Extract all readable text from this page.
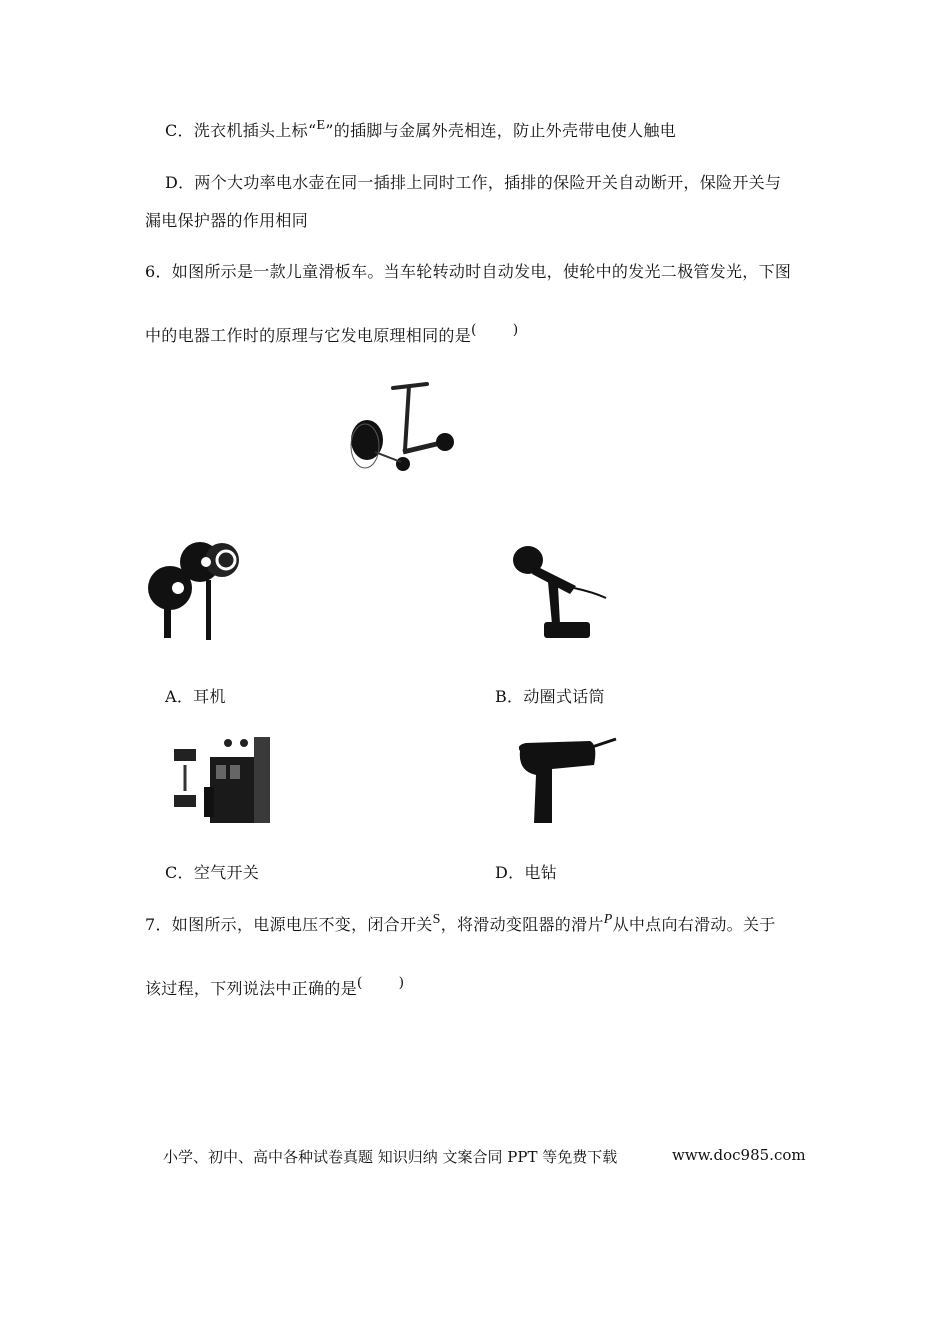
C．洗衣机插头上标“E”的插脚与金属外壳相连，防止外壳带电使人触电
D．两个大功率电水壶在同一插排上同时工作，插排的保险开关自动断开，保险开关与
漏电保护器的作用相同
6．如图所示是一款儿童滑板车。当车轮转动时自动发电，使轮中的发光二极管发光，下图
中的电器工作时的原理与它发电原理相同的是(	)
A．耳机	B．动圈式话筒
C．空气开关	D．电钻
7．如图所示，电源电压不变，闭合开关S，将滑动变阻器的滑片P从中点向右滑动。关于
该过程，下列说法中正确的是(	)
小学、初中、高中各种试卷真题 知识归纳 文案合同 PPT 等免费下载	www.doc985.com
